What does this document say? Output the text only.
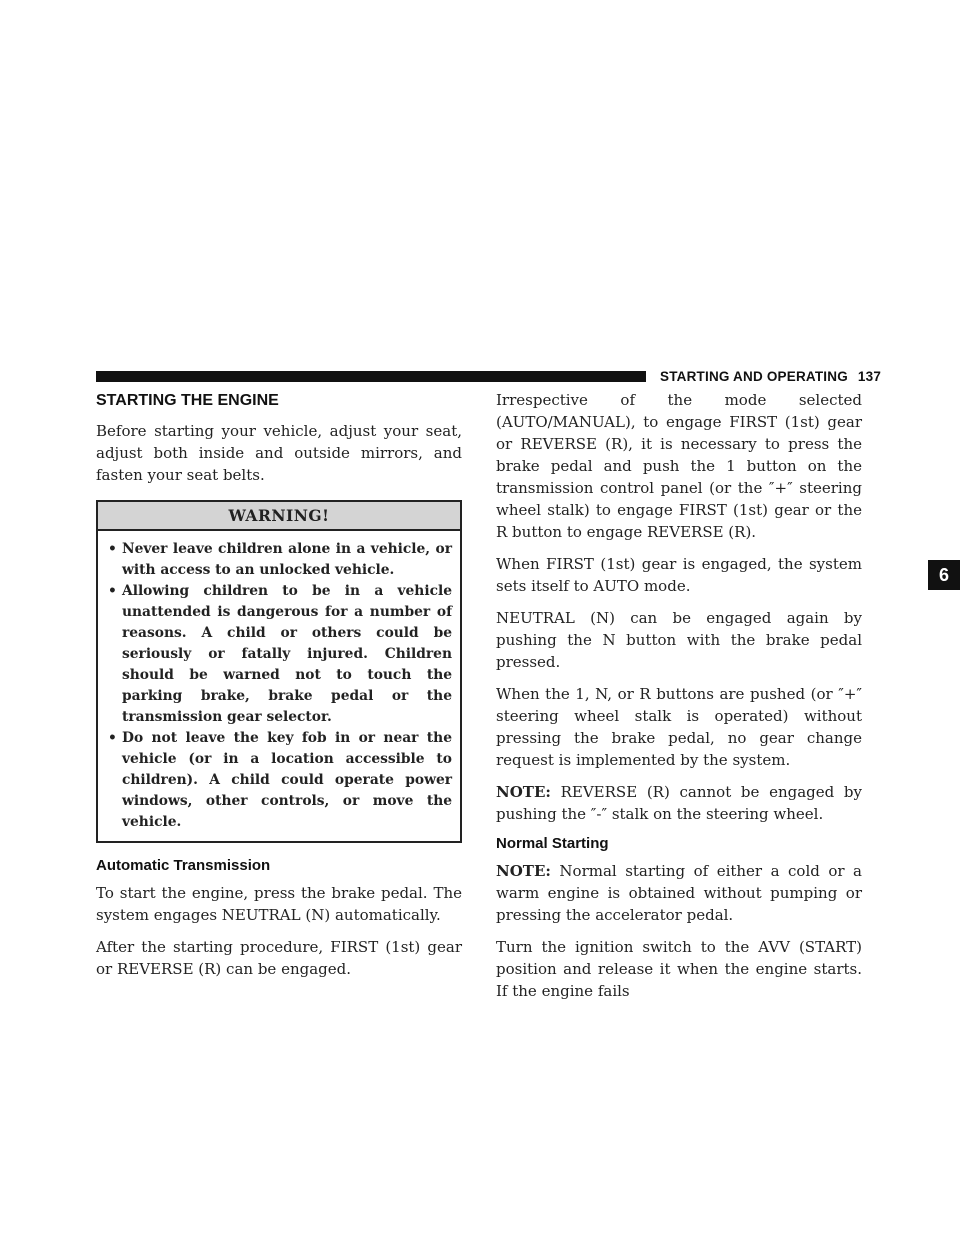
STARTING AND OPERATING 137
6
STARTING THE ENGINE

Before starting your vehicle, adjust your seat, adjust both inside and outside mirrors, and fasten your seat belts.

WARNING!
• Never leave children alone in a vehicle, or with access to an unlocked vehicle.
• Allowing children to be in a vehicle unattended is dangerous for a number of reasons. A child or others could be seriously or fatally injured. Children should be warned not to touch the parking brake, brake pedal or the transmission gear selector.
• Do not leave the key fob in or near the vehicle (or in a location accessible to children). A child could operate power windows, other controls, or move the vehicle.
Automatic Transmission

To start the engine, press the brake pedal. The system engages NEUTRAL (N) automatically.

After the starting procedure, FIRST (1st) gear or REVERSE (R) can be engaged.

Irrespective of the mode selected (AUTO/MANUAL), to engage FIRST (1st) gear or REVERSE (R), it is necessary to press the brake pedal and push the 1 button on the transmission control panel (or the ″+″ steering wheel stalk) to engage FIRST (1st) gear or the R button to engage REVERSE (R).

When FIRST (1st) gear is engaged, the system sets itself to AUTO mode.

NEUTRAL (N) can be engaged again by pushing the N button with the brake pedal pressed.

When the 1, N, or R buttons are pushed (or ″+″ steering wheel stalk is operated) without pressing the brake pedal, no gear change request is implemented by the system.

NOTE: REVERSE (R) cannot be engaged by pushing the ″-″ stalk on the steering wheel.

Normal Starting

NOTE: Normal starting of either a cold or a warm engine is obtained without pumping or pressing the accelerator pedal.

Turn the ignition switch to the AVV (START) position and release it when the engine starts. If the engine fails
